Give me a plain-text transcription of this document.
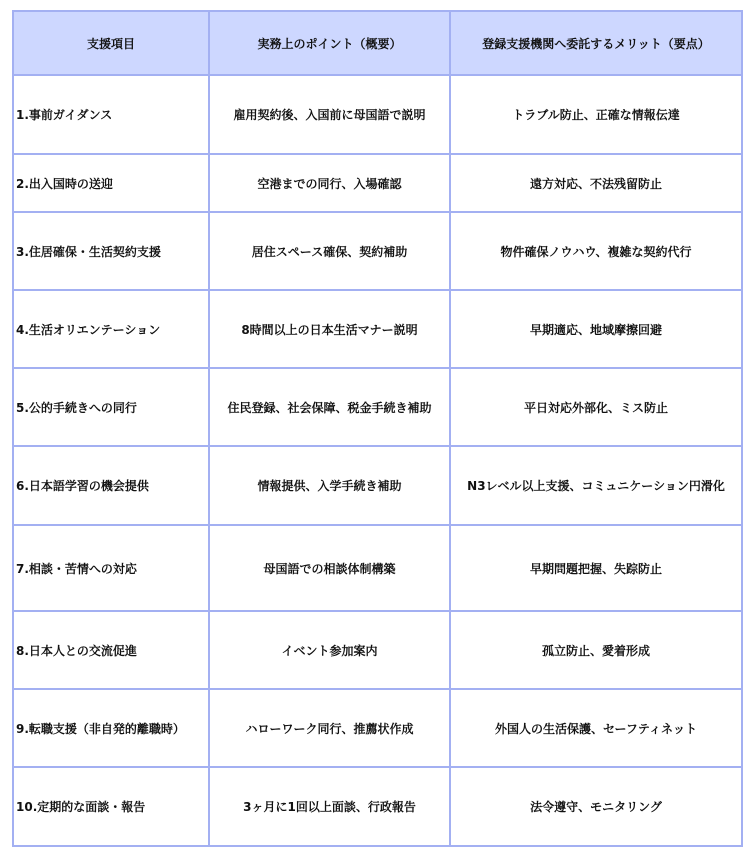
支援項目	実務上のポイント（概要）	登録支援機関へ委託するメリット（要点）
1.事前ガイダンス	雇用契約後、入国前に母国語で説明	トラブル防止、正確な情報伝達
2.出入国時の送迎	空港までの同行、入場確認	遠方対応、不法残留防止
3.住居確保・生活契約支援	居住スペース確保、契約補助	物件確保ノウハウ、複雑な契約代行
4.生活オリエンテーション	8時間以上の日本生活マナー説明	早期適応、地域摩擦回避
5.公的手続きへの同行	住民登録、社会保障、税金手続き補助	平日対応外部化、ミス防止
6.日本語学習の機会提供	情報提供、入学手続き補助	N3レベル以上支援、コミュニケーション円滑化
7.相談・苦情への対応	母国語での相談体制構築	早期問題把握、失踪防止
8.日本人との交流促進	イベント参加案内	孤立防止、愛着形成
9.転職支援（非自発的離職時）	ハローワーク同行、推薦状作成	外国人の生活保護、セーフティネット
10.定期的な面談・報告	3ヶ月に1回以上面談、行政報告	法令遵守、モニタリング
